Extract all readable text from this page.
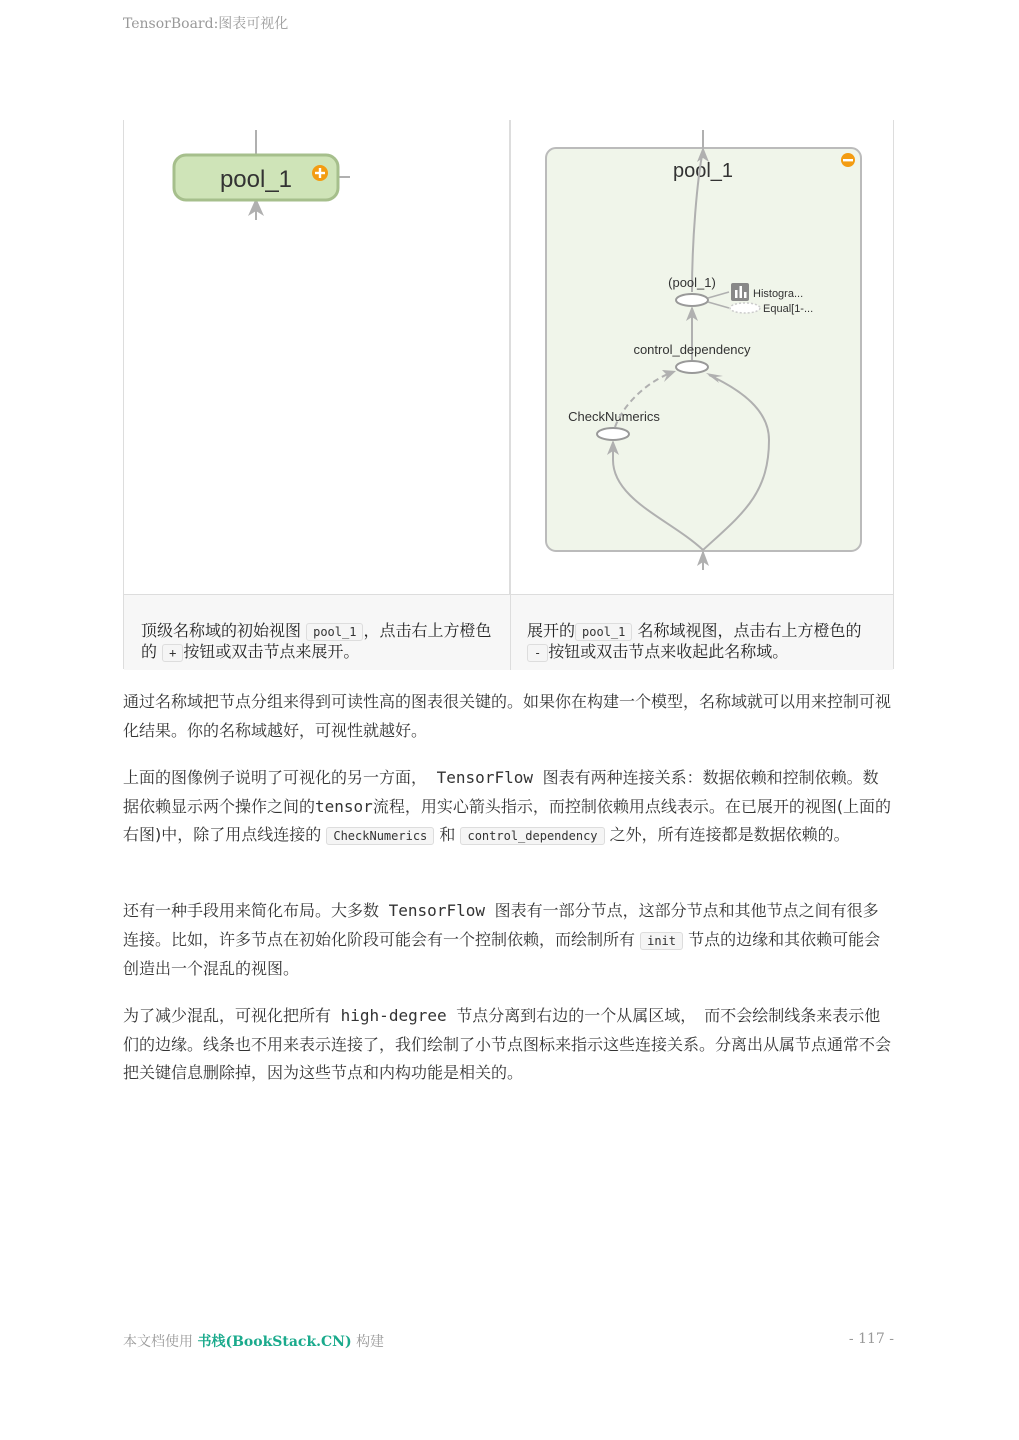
TensorBoard:图表可视化
pool_1	pool_1
(pool_1)
Histogra...
Equal[1-...
control_dependency
CheckNumerics
顶级名称域的初始视图 pool_1 ，点击右上方橙色的 + 按钮或双击节点来展开。
展开的 pool_1 名称域视图，点击右上方橙色的 - 按钮或双击节点来收起此名称域。
通过名称域把节点分组来得到可读性高的图表很关键的。如果你在构建一个模型，名称域就可以用来控制可视化结果。你的名称域越好，可视性就越好。
上面的图像例子说明了可视化的另一方面， TensorFlow 图表有两种连接关系：数据依赖和控制依赖。数据依赖显示两个操作之间的tensor流程，用实心箭头指示，而控制依赖用点线表示。在已展开的视图(上面的右图)中，除了用点线连接的 CheckNumerics 和 control_dependency 之外，所有连接都是数据依赖的。
还有一种手段用来简化布局。大多数 TensorFlow 图表有一部分节点，这部分节点和其他节点之间有很多连接。比如，许多节点在初始化阶段可能会有一个控制依赖，而绘制所有 init 节点的边缘和其依赖可能会创造出一个混乱的视图。
为了减少混乱，可视化把所有 high-degree 节点分离到右边的一个从属区域，　而不会绘制线条来表示他们的边缘。线条也不用来表示连接了，我们绘制了小节点图标来指示这些连接关系。分离出从属节点通常不会把关键信息删除掉，因为这些节点和内构功能是相关的。
本文档使用 书栈(BookStack.CN) 构建	- 117 -
